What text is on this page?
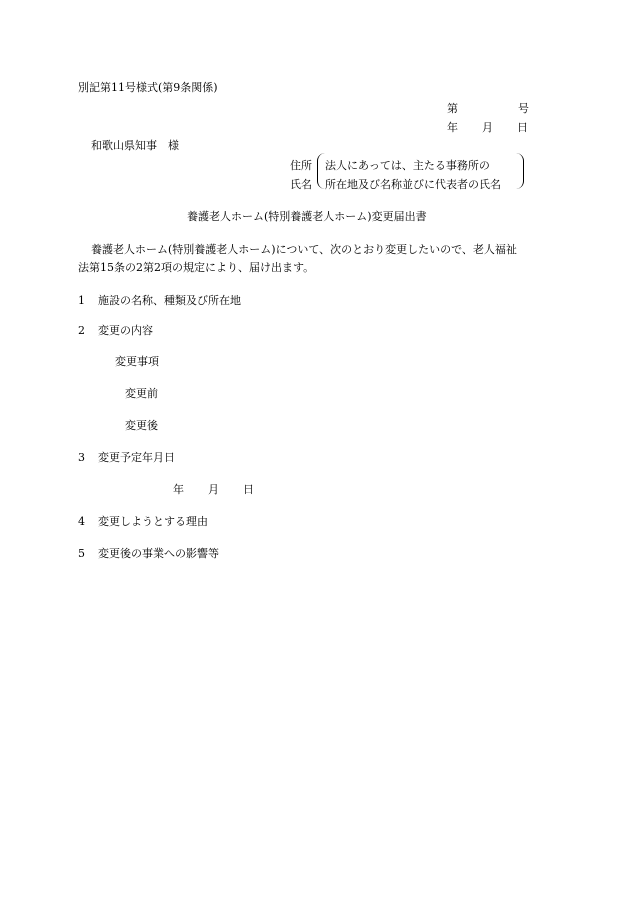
別記第11号様式(第9条関係)
第	号
年 月 日
和歌山県知事　様
住所
氏名
法人にあっては、主たる事務所の
所在地及び名称並びに代表者の氏名
養護老人ホーム(特別養護老人ホーム)変更届出書
養護老人ホーム(特別養護老人ホーム)について、次のとおり変更したいので、老人福祉
法第15条の2第2項の規定により、届け出ます。
1 施設の名称、種類及び所在地
2 変更の内容
変更事項
変更前
変更後
3 変更予定年月日
年 月 日
4 変更しようとする理由
5 変更後の事業への影響等
